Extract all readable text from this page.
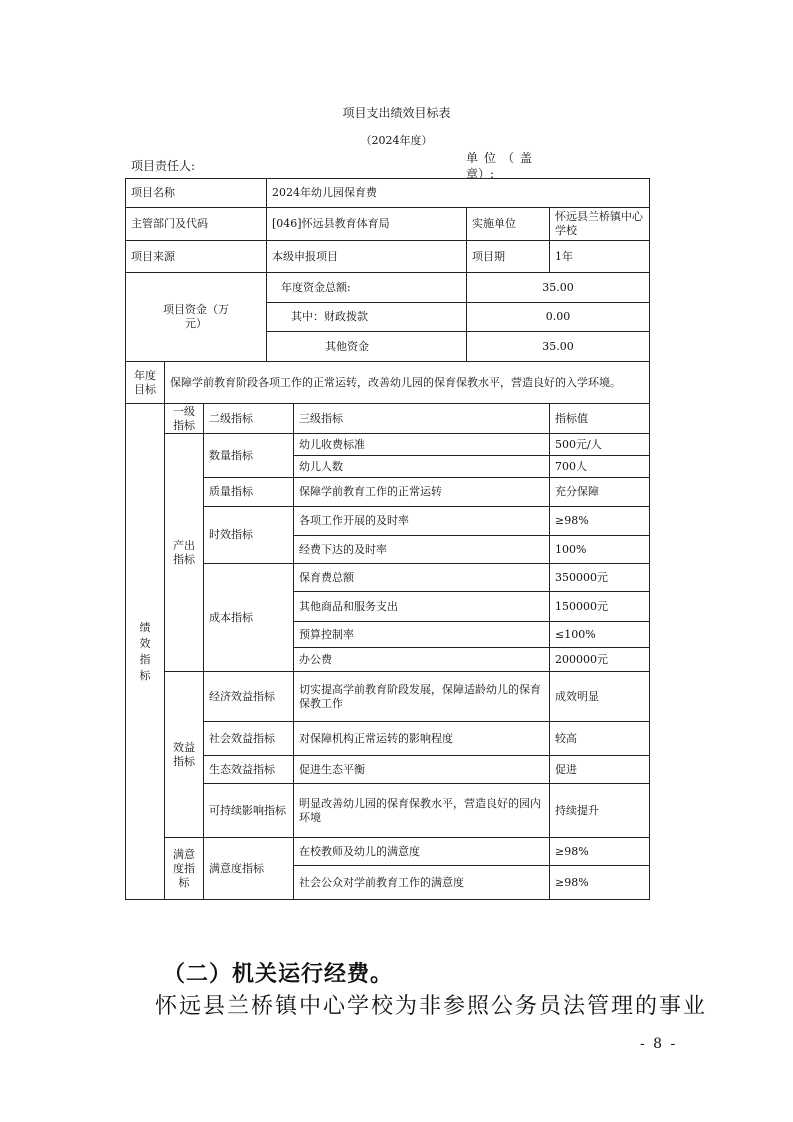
项目支出绩效目标表
（2024年度）
项目责任人:
单位（盖
章）:
项目名称			2024年幼儿园保育费			
主管部门及代码			[046]怀远县教育体育局		实施单位	怀远县兰桥镇中心学校
项目来源			本级申报项目		项目期	1年
项目资金（万元）			年度资金总额:		35.00	
			其中：财政拨款		0.00	
			其他资金		35.00	
年度目标	保障学前教育阶段各项工作的正常运转，改善幼儿园的保育保教水平，营造良好的入学环境。					
绩效指标	一级指标	二级指标		三级指标		指标值
	产出指标	数量指标		幼儿收费标准		500元/人
				幼儿人数		700人
		质量指标		保障学前教育工作的正常运转		充分保障
		时效指标		各项工作开展的及时率		≥98%
				经费下达的及时率		100%
		成本指标		保育费总额		350000元
				其他商品和服务支出		150000元
				预算控制率		≤100%
				办公费		200000元
	效益指标	经济效益指标		切实提高学前教育阶段发展，保障适龄幼儿的保育保教工作		成效明显
		社会效益指标		对保障机构正常运转的影响程度		较高
		生态效益指标		促进生态平衡		促进
		可持续影响指标		明显改善幼儿园的保育保教水平，营造良好的园内环境		持续提升
	满意度指标	满意度指标		在校教师及幼儿的满意度		≥98%
				社会公众对学前教育工作的满意度		≥98%
（二）机关运行经费。
怀远县兰桥镇中心学校为非参照公务员法管理的事业
- 8 -
